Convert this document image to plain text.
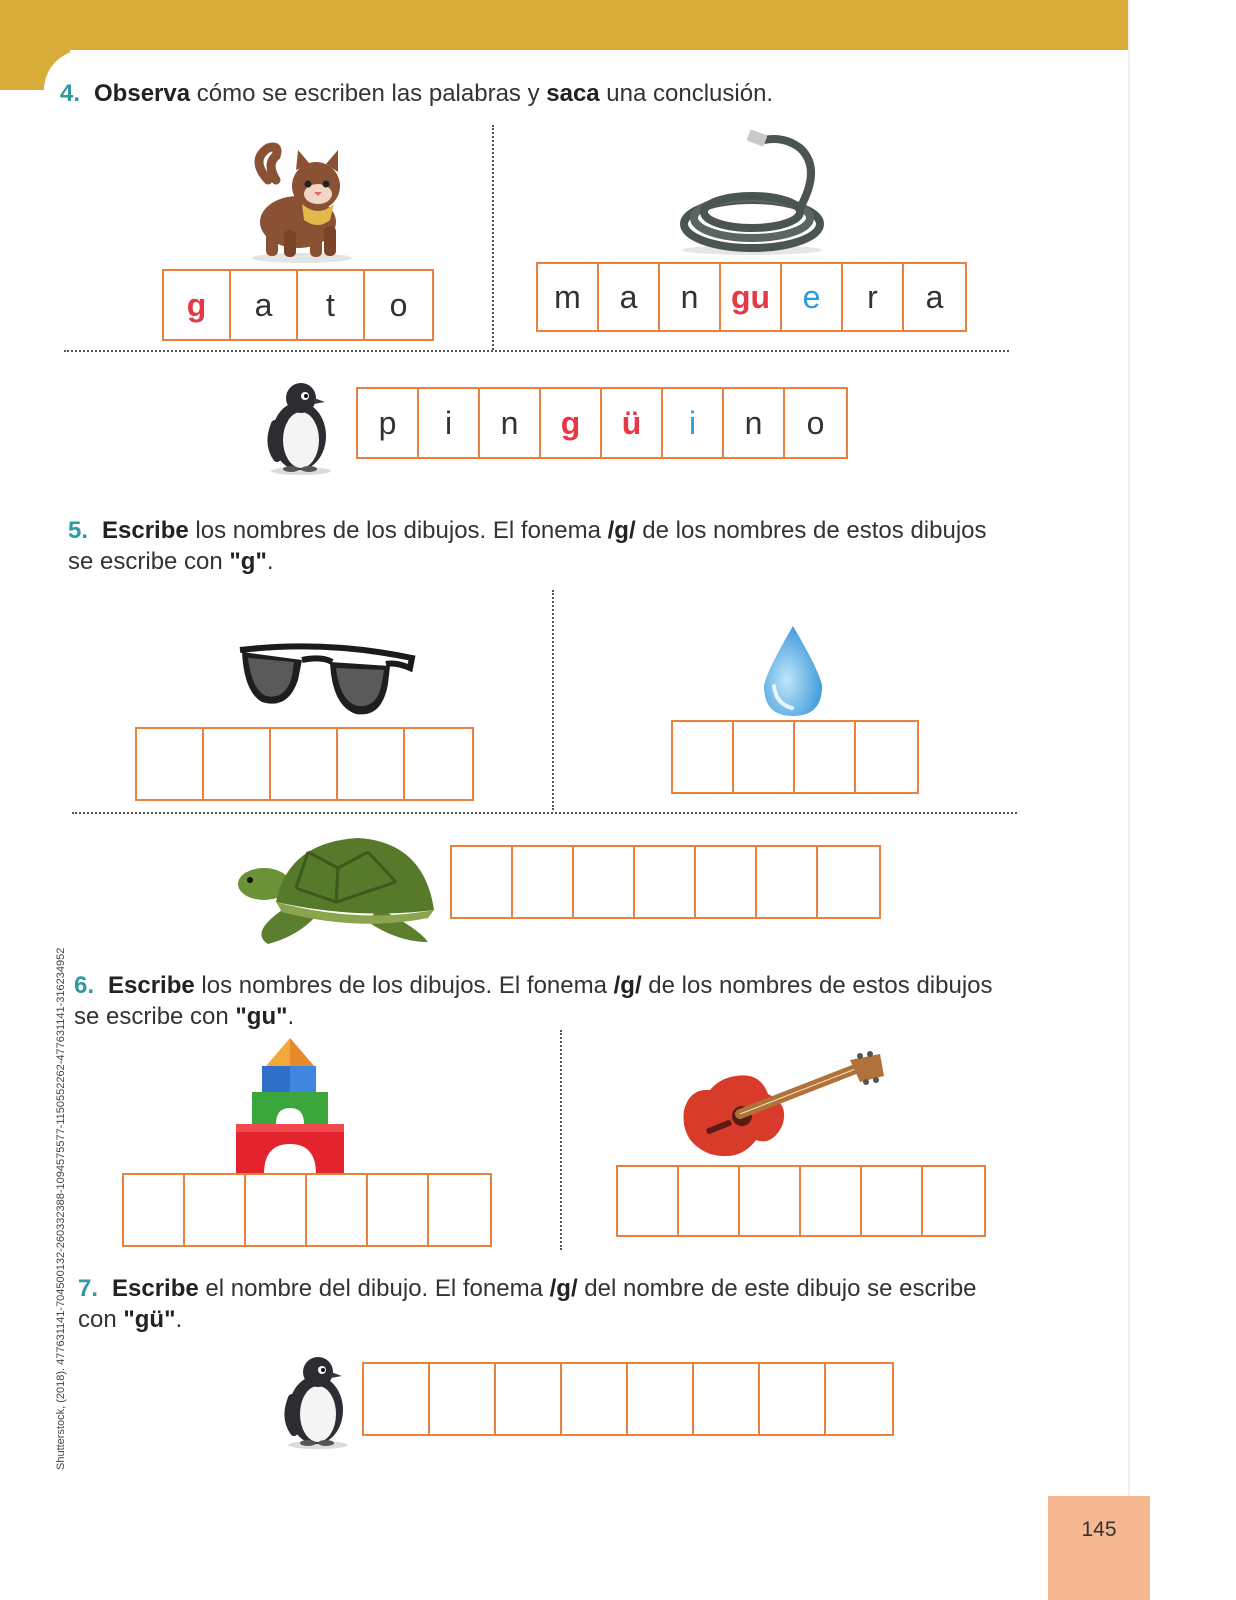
4. Observa cómo se escriben las palabras y saca una conclusión.

g	a	t	o	m	a	n	gu	e	r	a
p	i	n	g	ü	i	n	o

5. Escribe los nombres de los dibujos. El fonema /g/ de los nombres de estos dibujos se escribe con "g".

6. Escribe los nombres de los dibujos. El fonema /g/ de los nombres de estos dibujos se escribe con "gu".

7. Escribe el nombre del dibujo. El fonema /g/ del nombre de este dibujo se escribe con "gü".

Shutterstock, (2018). 477631141-704500132-260332388-1094575577-1150552262-477631141-316234952
145
